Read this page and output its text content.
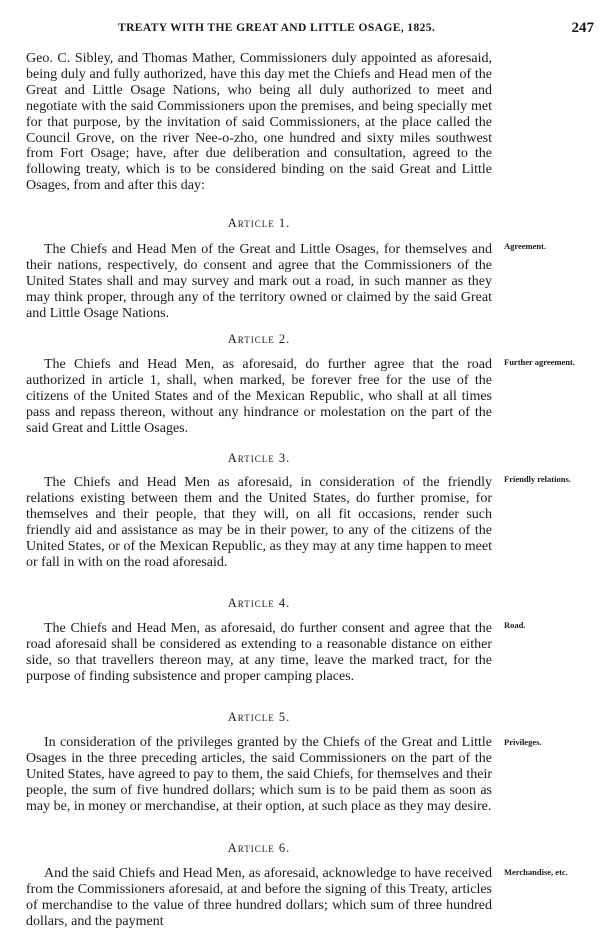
TREATY WITH THE GREAT AND LITTLE OSAGE, 1825.	247

Geo. C. Sibley, and Thomas Mather, Commissioners duly appointed as aforesaid, being duly and fully authorized, have this day met the Chiefs and Head men of the Great and Little Osage Nations, who being all duly authorized to meet and negotiate with the said Commissioners upon the premises, and being specially met for that purpose, by the invitation of said Commissioners, at the place called the Council Grove, on the river Nee-o-zho, one hundred and sixty miles southwest from Fort Osage; have, after due deliberation and consultation, agreed to the following treaty, which is to be considered binding on the said Great and Little Osages, from and after this day:

Article 1.

The Chiefs and Head Men of the Great and Little Osages, for themselves and their nations, respectively, do consent and agree that the Commissioners of the United States shall and may survey and mark out a road, in such manner as they may think proper, through any of the territory owned or claimed by the said Great and Little Osage Nations.

Article 2.

The Chiefs and Head Men, as aforesaid, do further agree that the road authorized in article 1, shall, when marked, be forever free for the use of the citizens of the United States and of the Mexican Republic, who shall at all times pass and repass thereon, without any hindrance or molestation on the part of the said Great and Little Osages.

Article 3.

The Chiefs and Head Men as aforesaid, in consideration of the friendly relations existing between them and the United States, do further promise, for themselves and their people, that they will, on all fit occasions, render such friendly aid and assistance as may be in their power, to any of the citizens of the United States, or of the Mexican Republic, as they may at any time happen to meet or fall in with on the road aforesaid.

Article 4.

The Chiefs and Head Men, as aforesaid, do further consent and agree that the road aforesaid shall be considered as extending to a reasonable distance on either side, so that travellers thereon may, at any time, leave the marked tract, for the purpose of finding subsistence and proper camping places.

Article 5.

In consideration of the privileges granted by the Chiefs of the Great and Little Osages in the three preceding articles, the said Commissioners on the part of the United States, have agreed to pay to them, the said Chiefs, for themselves and their people, the sum of five hundred dollars; which sum is to be paid them as soon as may be, in money or merchandise, at their option, at such place as they may desire.

Article 6.

And the said Chiefs and Head Men, as aforesaid, acknowledge to have received from the Commissioners aforesaid, at and before the signing of this Treaty, articles of merchandise to the value of three hundred dollars; which sum of three hundred dollars, and the payment

Agreement.
Further agreement.
Friendly relations.
Road.
Privileges.
Merchandise, etc.
